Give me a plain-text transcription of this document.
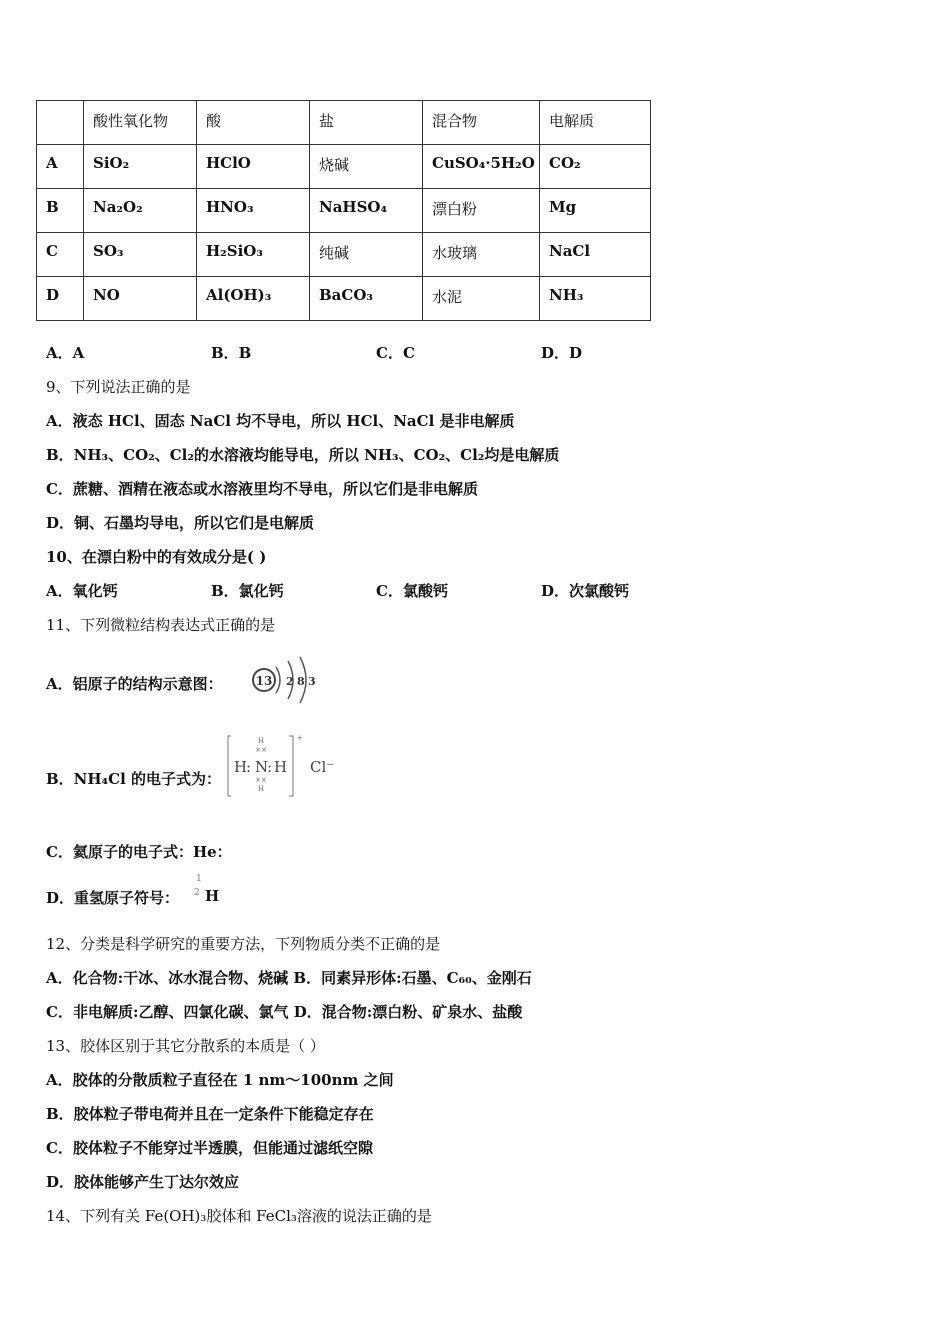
	酸性氧化物	酸	盐	混合物	电解质
A	SiO₂	HClO	烧碱	CuSO₄·5H₂O	CO₂
B	Na₂O₂	HNO₃	NaHSO₄	漂白粉	Mg
C	SO₃	H₂SiO₃	纯碱	水玻璃	NaCl
D	NO	Al(OH)₃	BaCO₃	水泥	NH₃
A．A	B．B	C．C	D．D
9、下列说法正确的是
A．液态 HCl、固态 NaCl 均不导电，所以 HCl、NaCl 是非电解质
B．NH₃、CO₂、Cl₂的水溶液均能导电，所以 NH₃、CO₂、Cl₂均是电解质
C．蔗糖、酒精在液态或水溶液里均不导电，所以它们是非电解质
D．铜、石墨均导电，所以它们是电解质
10、在漂白粉中的有效成分是( )
A．氧化钙	B．氯化钙	C．氯酸钙	D．次氯酸钙
11、下列微粒结构表达式正确的是
A．铝原子的结构示意图：	13 2 8 3
B．NH₄Cl 的电子式为：
H
××
H
: N
: H
××
H
+
Cl⁻
C．氦原子的电子式：He：
D．重氢原子符号：
1
2 H
12、分类是科学研究的重要方法，下列物质分类不正确的是
A．化合物:干冰、冰水混合物、烧碱 B．同素异形体:石墨、C₆₀、金刚石
C．非电解质:乙醇、四氯化碳、氯气 D．混合物:漂白粉、矿泉水、盐酸
13、胶体区别于其它分散系的本质是（ ）
A．胶体的分散质粒子直径在 1 nm～100nm 之间
B．胶体粒子带电荷并且在一定条件下能稳定存在
C．胶体粒子不能穿过半透膜，但能通过滤纸空隙
D．胶体能够产生丁达尔效应
14、下列有关 Fe(OH)₃胶体和 FeCl₃溶液的说法正确的是
